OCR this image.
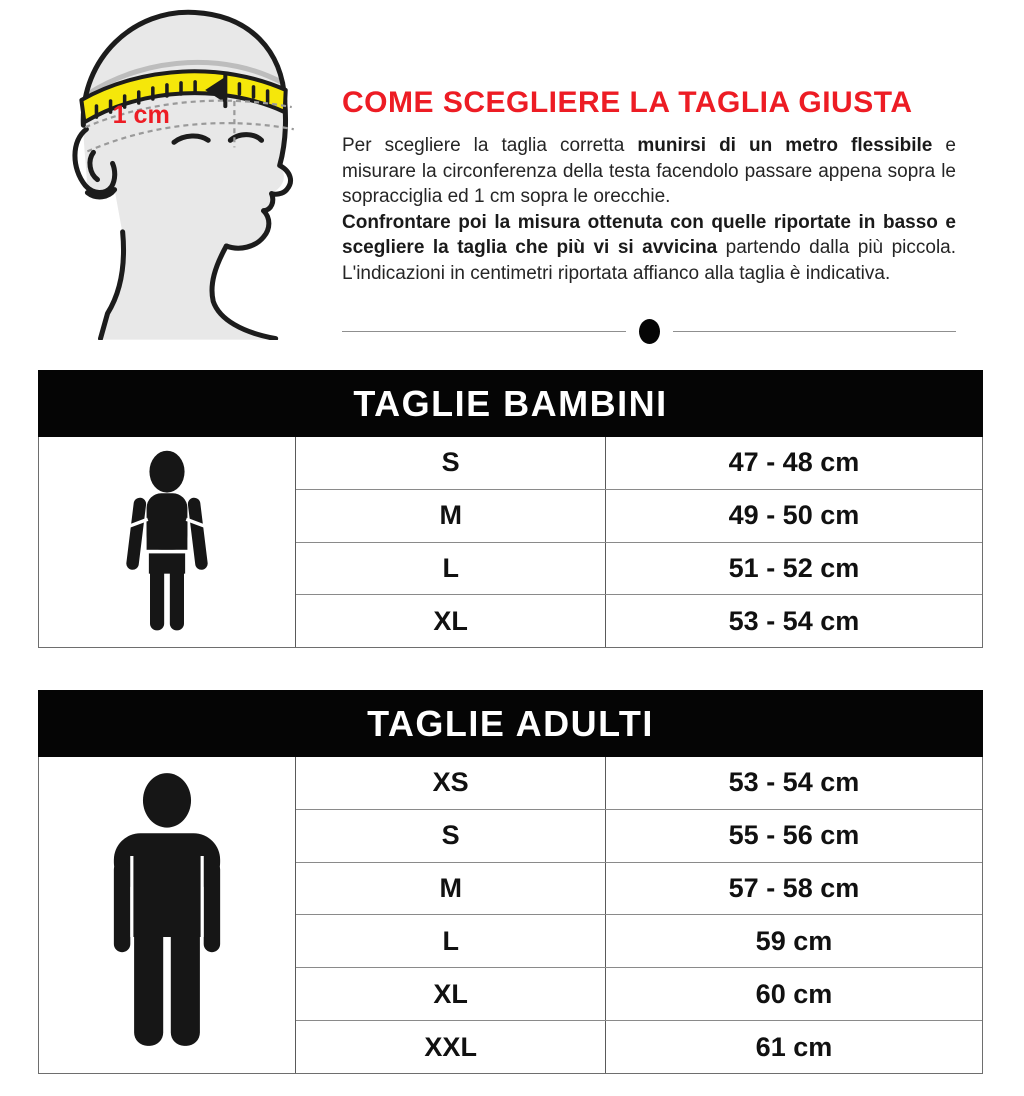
1 cm	COME SCEGLIERE LA TAGLIA GIUSTA

Per scegliere la taglia corretta munirsi di un metro flessibile e misurare la circonferenza della testa facendolo passare appena sopra le sopracciglia ed 1 cm sopra le orecchie.

Confrontare poi la misura ottenuta con quelle riportate in basso e scegliere la taglia che più vi si avvicina partendo dalla più piccola. L'indicazioni in centimetri riportata affianco alla taglia è indicativa.

TAGLIE BAMBINI
S	47 - 48 cm
M	49 - 50 cm
L	51 - 52 cm
XL	53 - 54 cm
TAGLIE ADULTI
XS	53 - 54 cm
S	55 - 56 cm
M	57 - 58 cm
L	59 cm
XL	60 cm
XXL	61 cm
